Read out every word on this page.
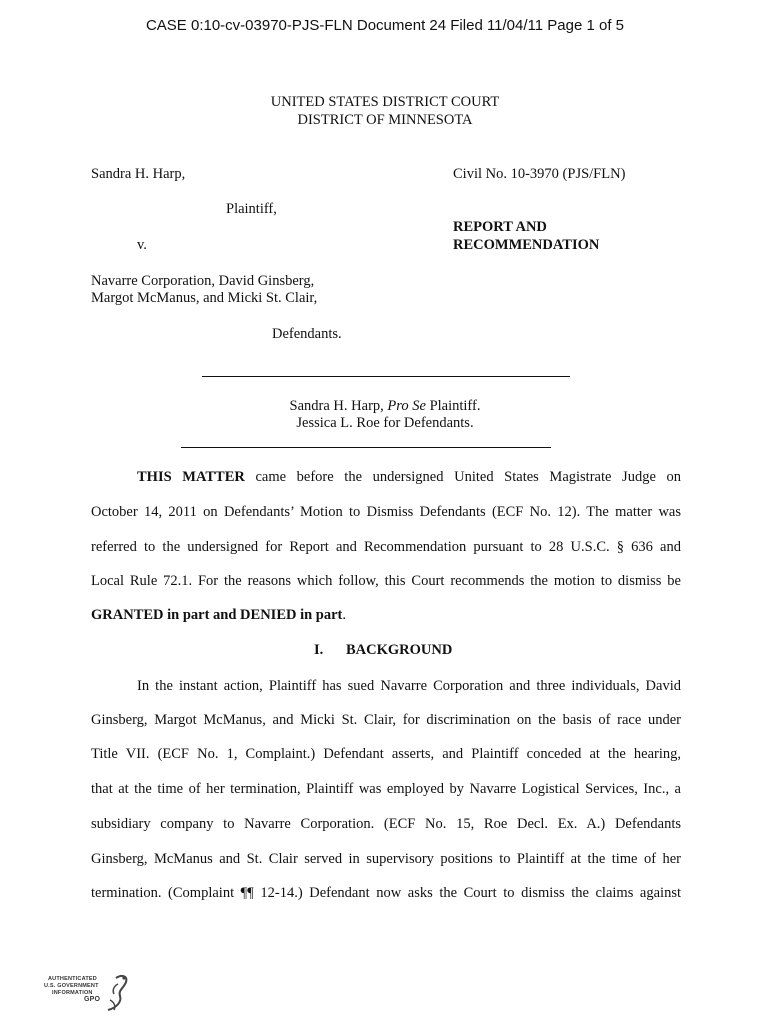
CASE 0:10-cv-03970-PJS-FLN Document 24 Filed 11/04/11 Page 1 of 5
UNITED STATES DISTRICT COURT
DISTRICT OF MINNESOTA
Sandra H. Harp,	Civil No. 10-3970 (PJS/FLN)
Plaintiff,
REPORT AND
RECOMMENDATION
v.
Navarre Corporation, David Ginsberg,
Margot McManus, and Micki St. Clair,
Defendants.
Sandra H. Harp, Pro Se Plaintiff.
Jessica L. Roe for Defendants.
THIS MATTER came before the undersigned United States Magistrate Judge on
October 14, 2011 on Defendants’ Motion to Dismiss Defendants (ECF No. 12). The matter was
referred to the undersigned for Report and Recommendation pursuant to 28 U.S.C. § 636 and
Local Rule 72.1. For the reasons which follow, this Court recommends the motion to dismiss be
GRANTED in part and DENIED in part.
I. BACKGROUND
In the instant action, Plaintiff has sued Navarre Corporation and three individuals, David
Ginsberg, Margot McManus, and Micki St. Clair, for discrimination on the basis of race under
Title VII. (ECF No. 1, Complaint.) Defendant asserts, and Plaintiff conceded at the hearing,
that at the time of her termination, Plaintiff was employed by Navarre Logistical Services, Inc., a
subsidiary company to Navarre Corporation. (ECF No. 15, Roe Decl. Ex. A.) Defendants
Ginsberg, McManus and St. Clair served in supervisory positions to Plaintiff at the time of her
termination. (Complaint ¶¶ 12-14.) Defendant now asks the Court to dismiss the claims against
AUTHENTICATED
U.S. GOVERNMENT
INFORMATION
GPO
